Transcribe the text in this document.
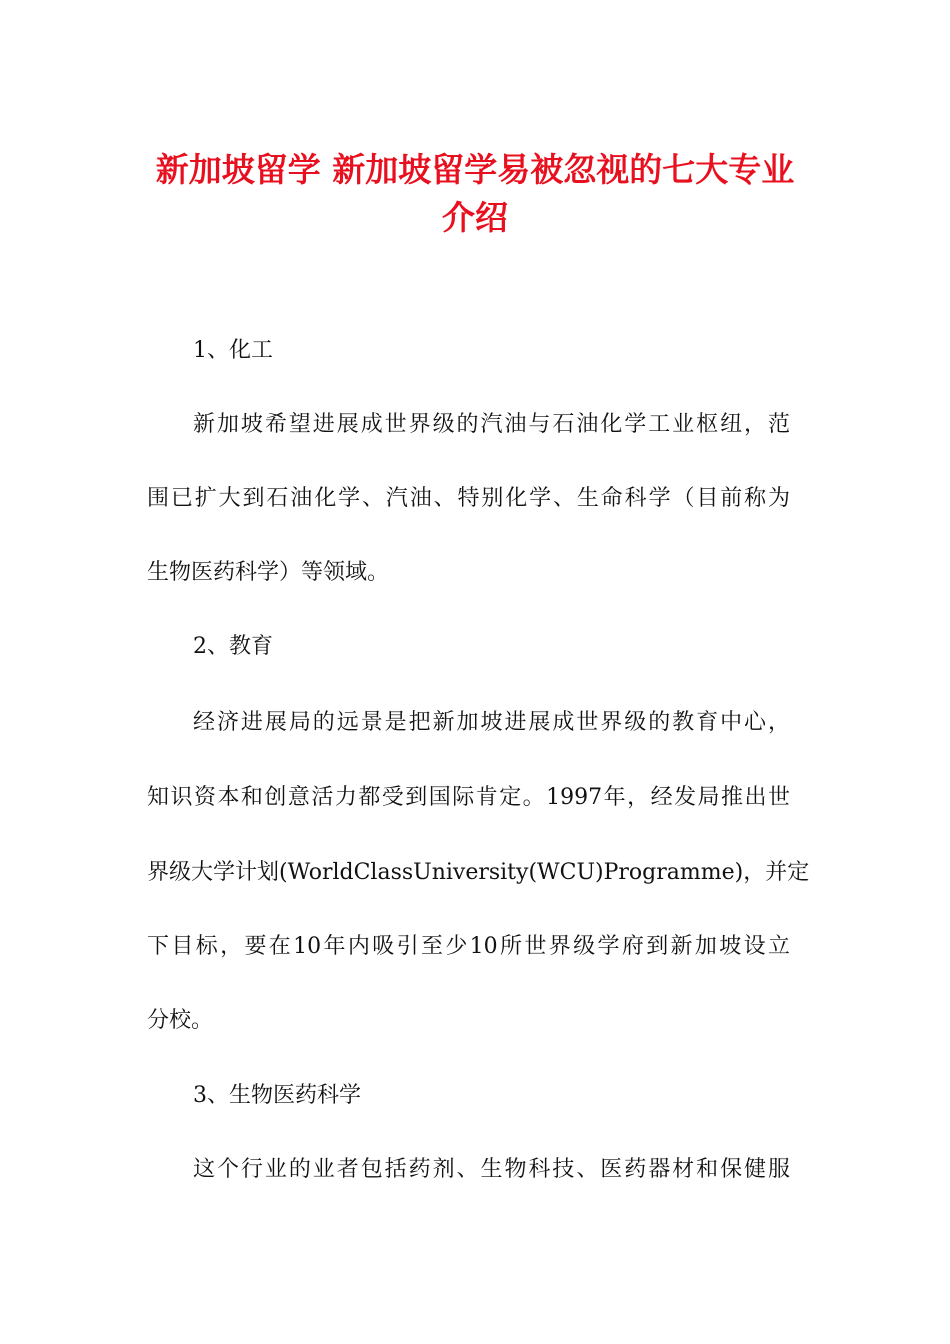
新加坡留学 新加坡留学易被忽视的七大专业
介绍

1、化工

新加坡希望进展成世界级的汽油与石油化学工业枢纽，范

围已扩大到石油化学、汽油、特别化学、生命科学（目前称为

生物医药科学）等领域。

2、教育

经济进展局的远景是把新加坡进展成世界级的教育中心，

知识资本和创意活力都受到国际肯定。1997年，经发局推出世

界级大学计划(WorldClassUniversity(WCU)Programme)，并定

下目标，要在10年内吸引至少10所世界级学府到新加坡设立

分校。

3、生物医药科学

这个行业的业者包括药剂、生物科技、医药器材和保健服
